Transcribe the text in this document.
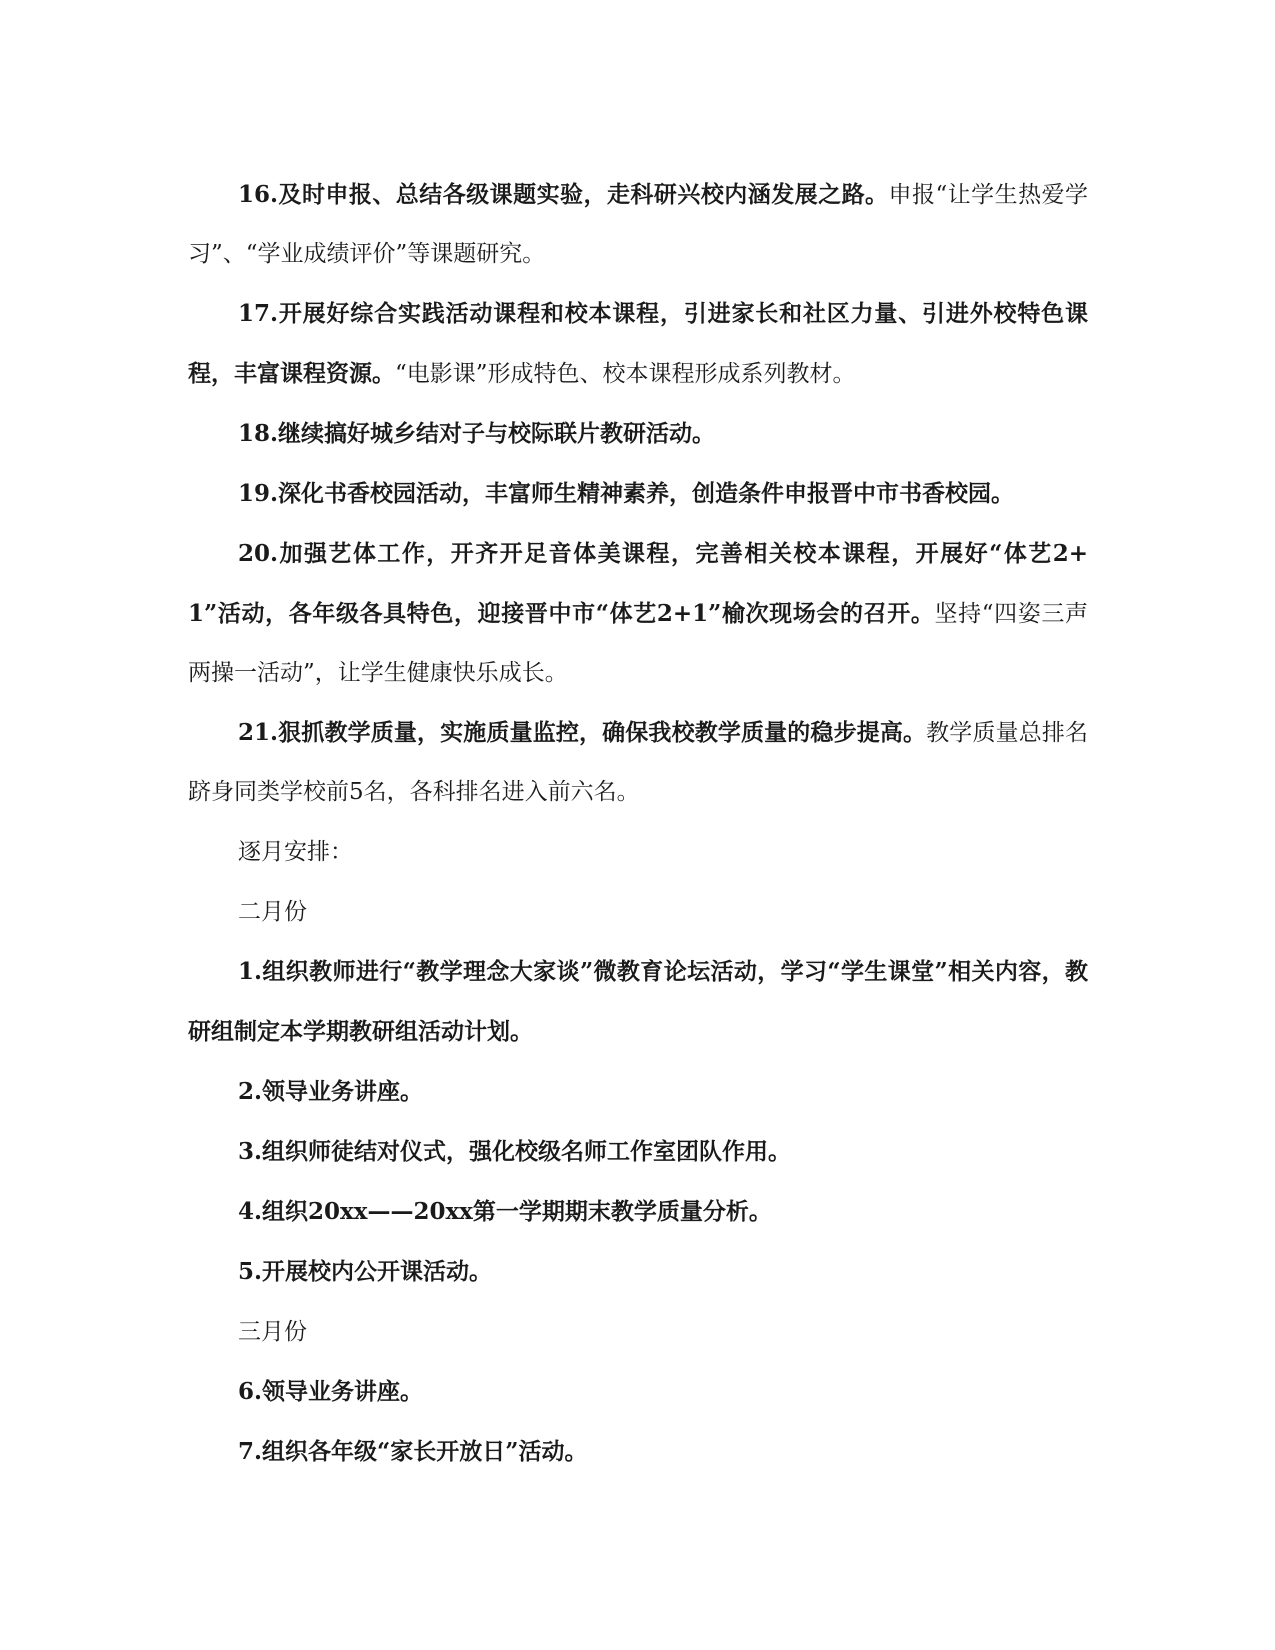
16.及时申报、总结各级课题实验，走科研兴校内涵发展之路。申报“让学生热爱学习”、“学业成绩评价”等课题研究。

17.开展好综合实践活动课程和校本课程，引进家长和社区力量、引进外校特色课程，丰富课程资源。“电影课”形成特色、校本课程形成系列教材。

18.继续搞好城乡结对子与校际联片教研活动。

19.深化书香校园活动，丰富师生精神素养，创造条件申报晋中市书香校园。

20.加强艺体工作，开齐开足音体美课程，完善相关校本课程，开展好“体艺2+1”活动，各年级各具特色，迎接晋中市“体艺2+1”榆次现场会的召开。坚持“四姿三声两操一活动”，让学生健康快乐成长。

21.狠抓教学质量，实施质量监控，确保我校教学质量的稳步提高。教学质量总排名跻身同类学校前5名，各科排名进入前六名。

逐月安排：

二月份

1.组织教师进行“教学理念大家谈”微教育论坛活动，学习“学生课堂”相关内容，教研组制定本学期教研组活动计划。

2.领导业务讲座。

3.组织师徒结对仪式，强化校级名师工作室团队作用。

4.组织20xx——20xx第一学期期末教学质量分析。

5.开展校内公开课活动。

三月份

6.领导业务讲座。

7.组织各年级“家长开放日”活动。
